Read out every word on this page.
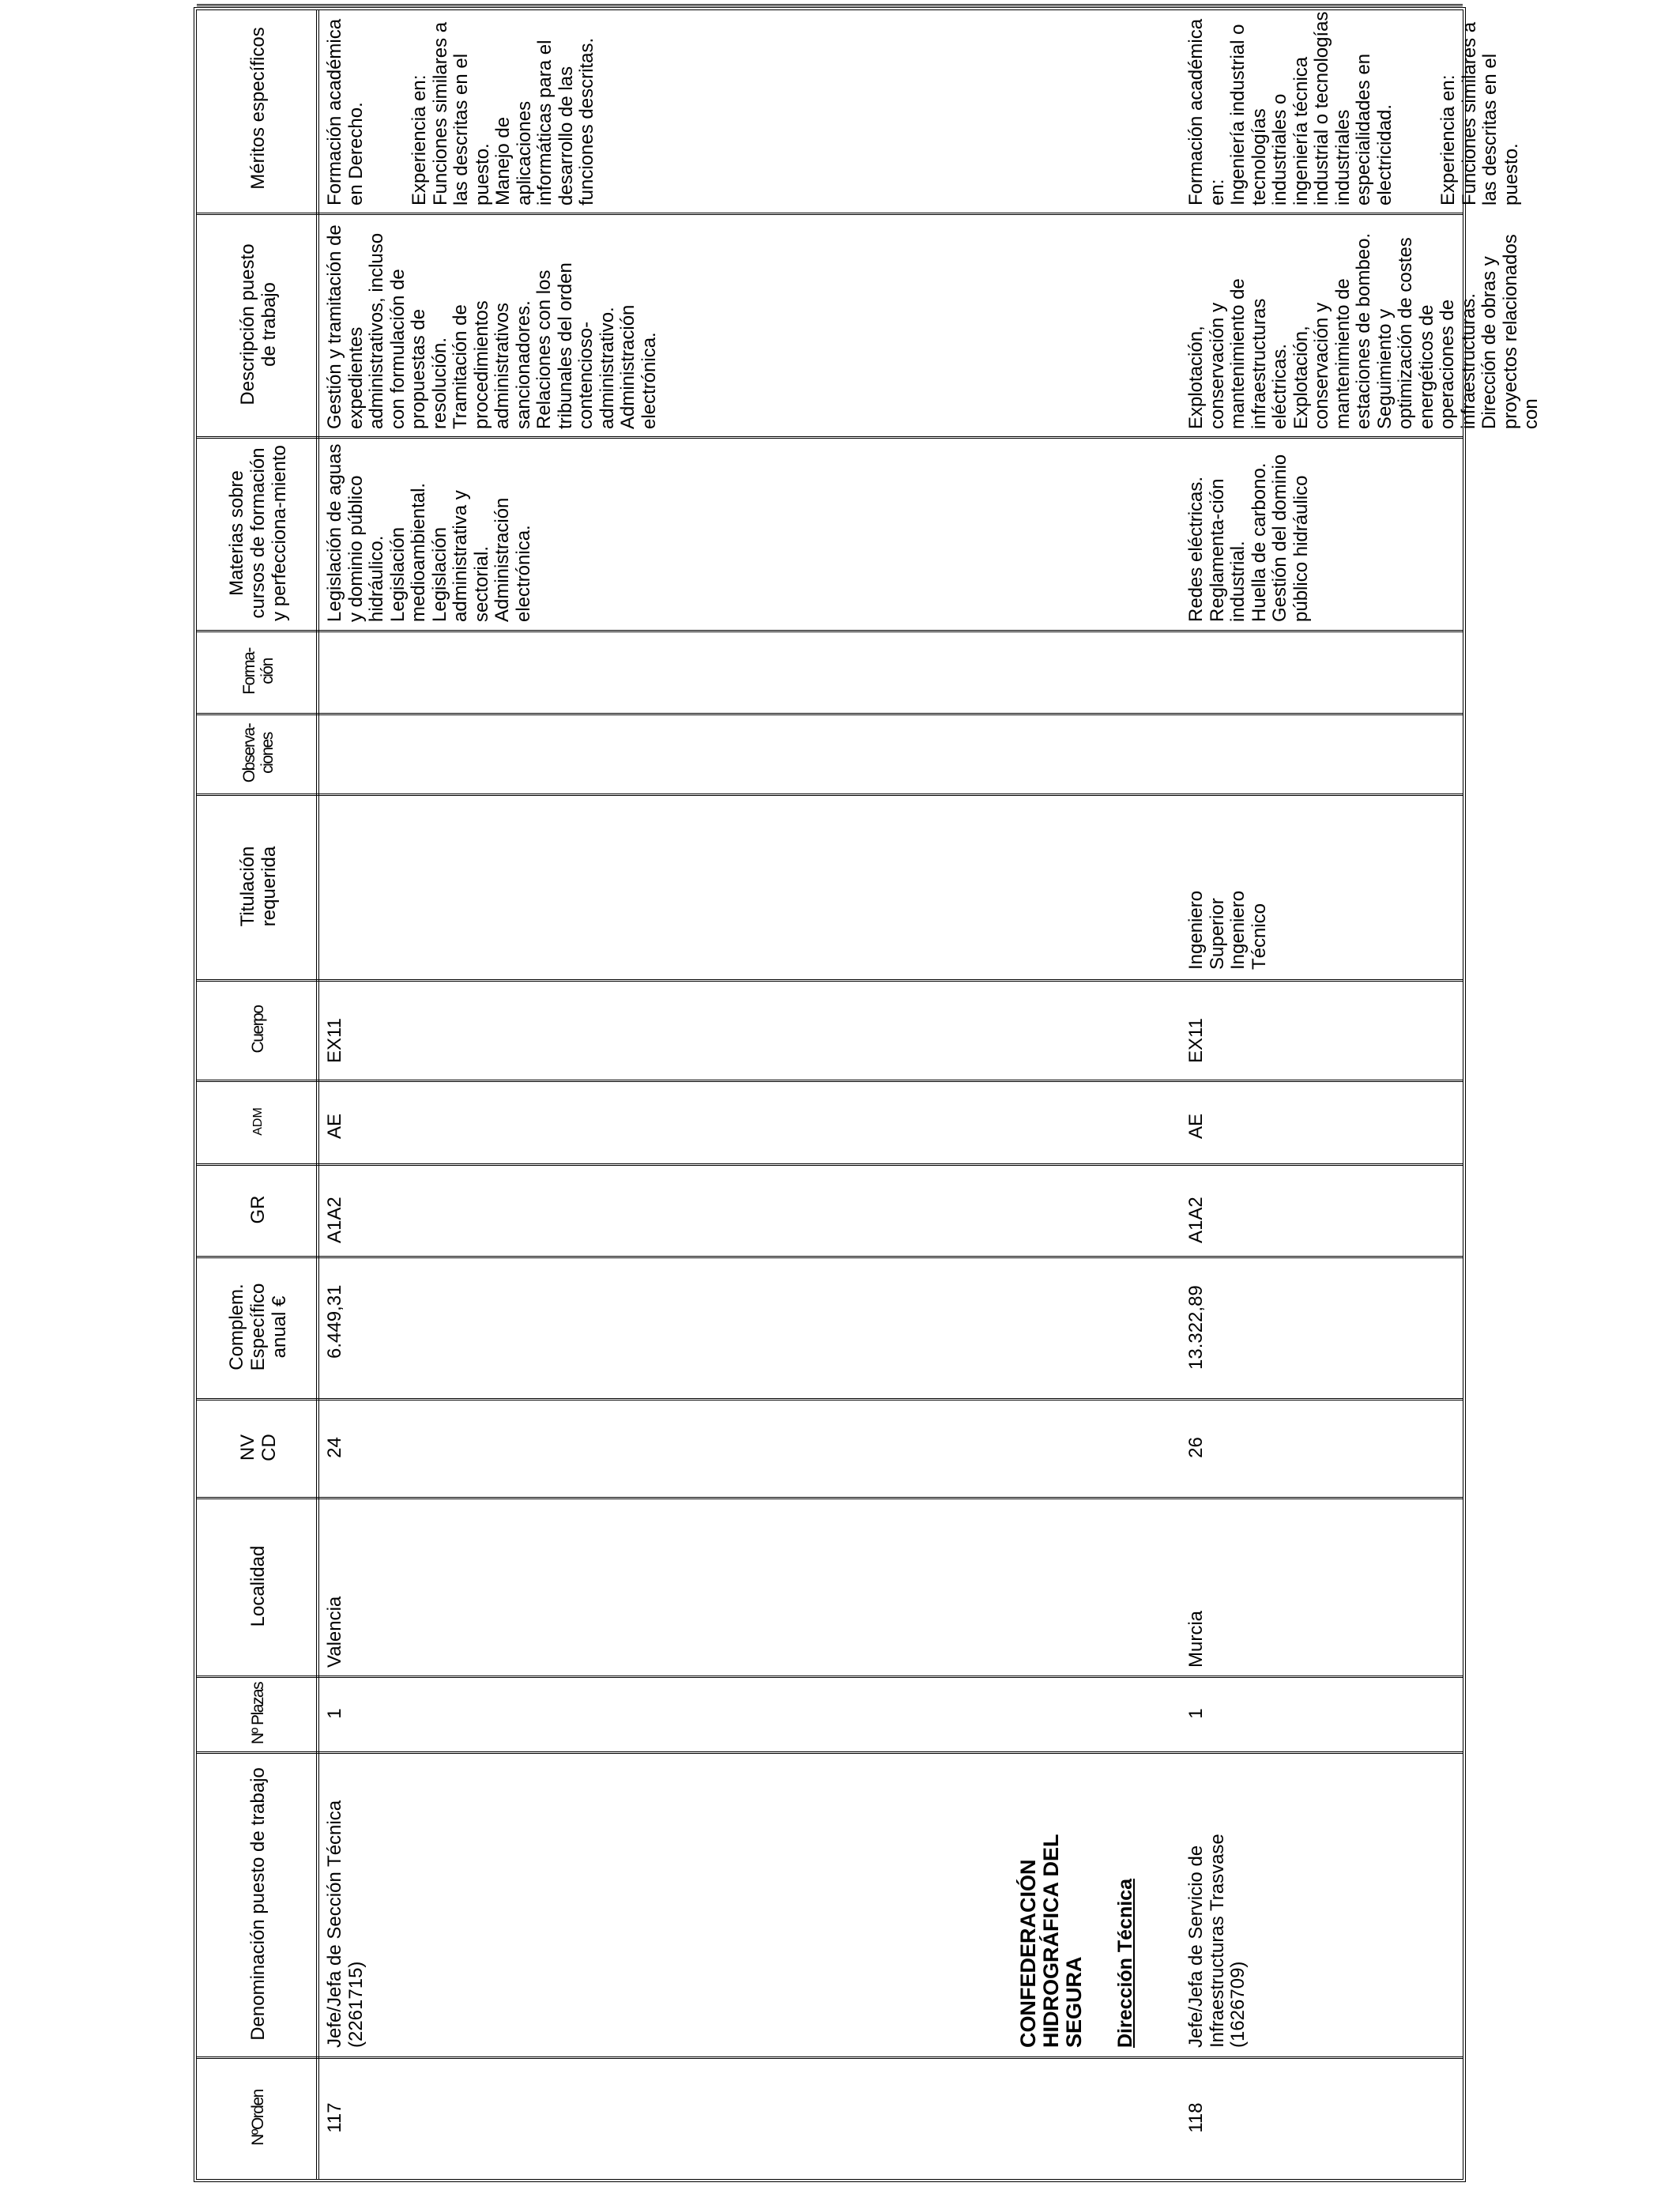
NºOrden
Denominación puesto de trabajo
Nº Plazas
Localidad
NV CD
Complem. Específico anual €
GR
ADM
Cuerpo
Titulación requerida
Observa-ciones
Forma-ción
Materias sobre cursos de formación y perfecciona-miento
Descripción puesto de trabajo
Méritos específicos
117
Jefe/Jefa de Sección Técnica (2261715)
1
Valencia
24
6.449,31
A1A2
AE
EX11

Legislación de aguas y dominio público hidráulico. Legislación medioambiental. Legislación administrativa y sectorial. Administración electrónica.

Gestión y tramitación de expedientes administrativos, incluso con formulación de propuestas de resolución. Tramitación de procedimientos administrativos sancionadores. Relaciones con los tribunales del orden contencioso-administrativo. Administración electrónica.

Formación académica en Derecho. Experiencia en: Funciones similares a las descritas en el puesto. Manejo de aplicaciones informáticas para el desarrollo de las funciones descritas.

CONFEDERACIÓN HIDROGRÁFICA DEL SEGURA Dirección Técnica
118
Jefe/Jefa de Servicio de Infraestructuras Trasvase (1626709)
1
Murcia
26
13.322,89
A1A2
AE
EX11

Ingeniero Superior Ingeniero Técnico

Redes eléctricas. Reglamenta-ción industrial. Huella de carbono. Gestión del dominio público hidráulico

Explotación, conservación y mantenimiento de infraestructuras eléctricas. Explotación, conservación y mantenimiento de estaciones de bombeo. Seguimiento y optimización de costes energéticos de operaciones de infraestructuras. Dirección de obras y proyectos relacionados con

Formación académica en: Ingeniería industrial o tecnologías industriales o ingeniería técnica industrial o tecnologías industriales especialidades en electricidad. Experiencia en: Funciones similares a las descritas en el puesto.
